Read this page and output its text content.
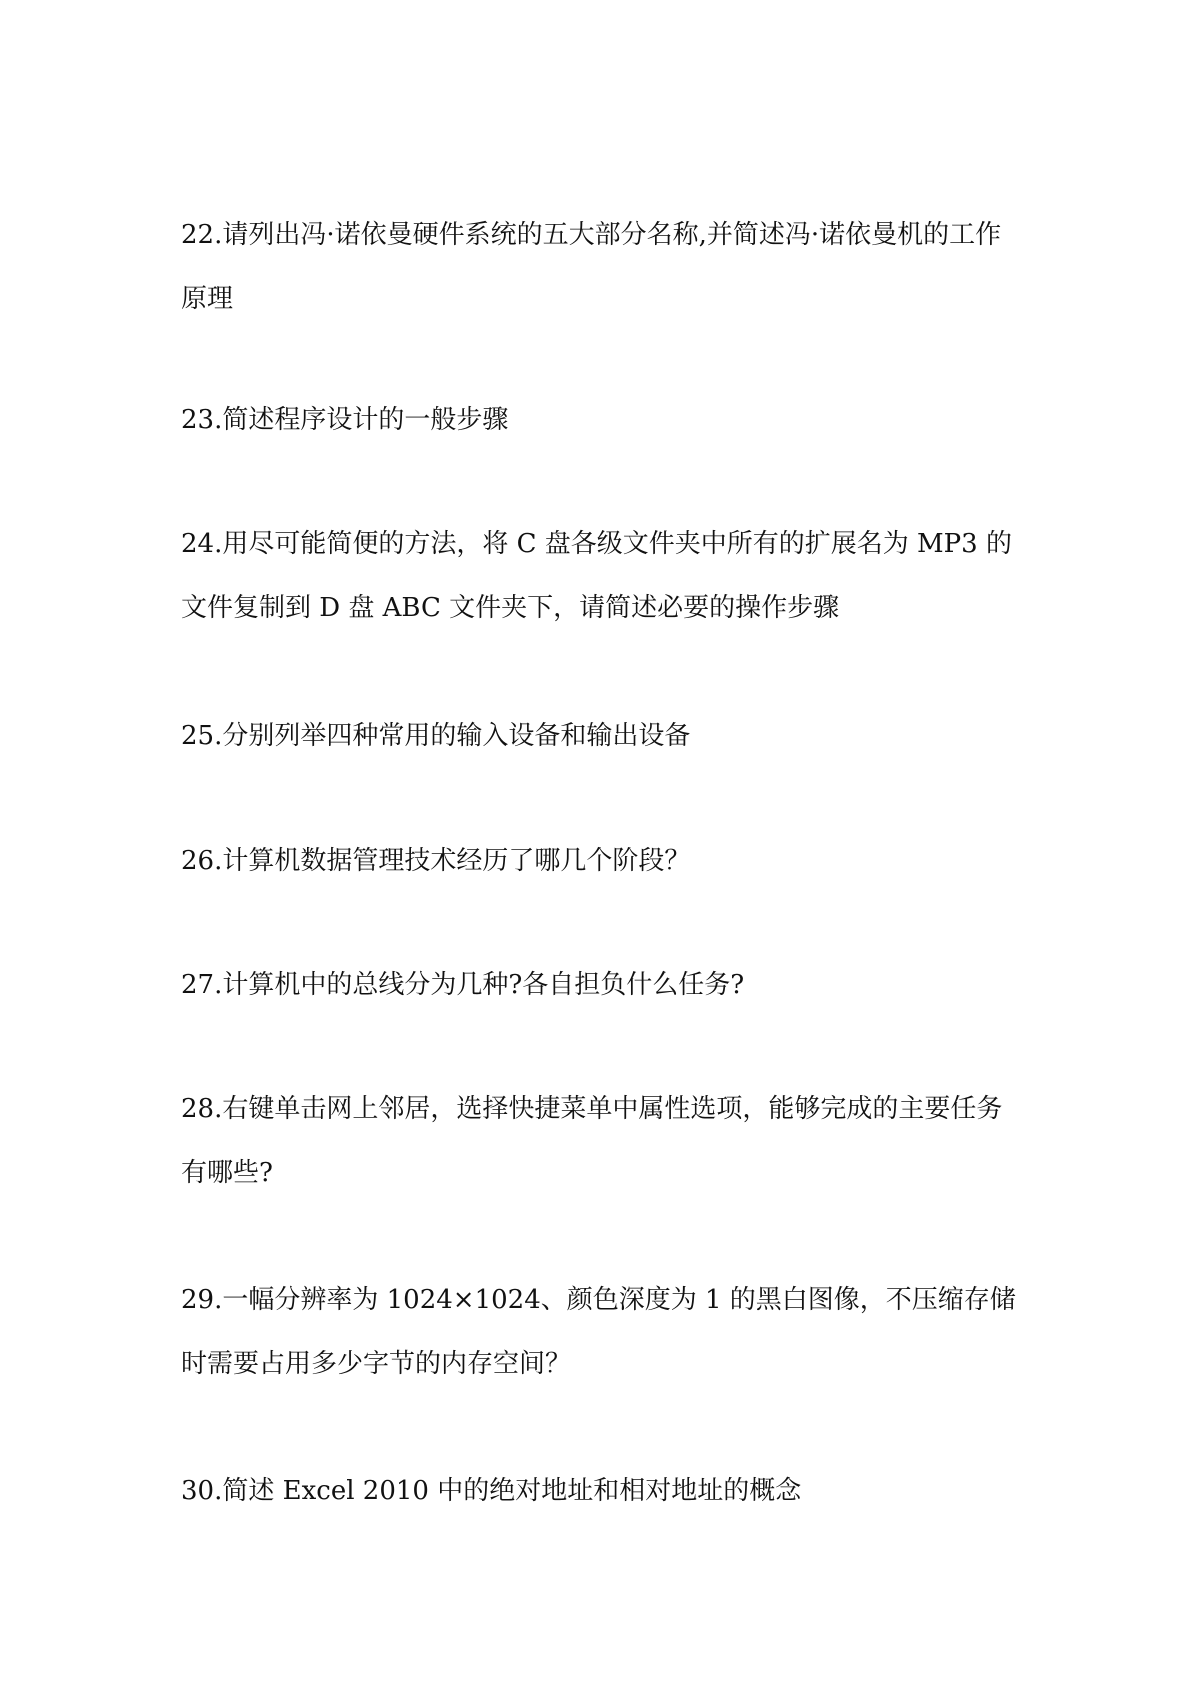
22.请列出冯·诺依曼硬件系统的五大部分名称,并简述冯·诺依曼机的工作原理

23.简述程序设计的一般步骤

24.用尽可能简便的方法，将 C 盘各级文件夹中所有的扩展名为 MP3 的文件复制到 D 盘 ABC 文件夹下，请简述必要的操作步骤

25.分别列举四种常用的输入设备和输出设备

26.计算机数据管理技术经历了哪几个阶段？

27.计算机中的总线分为几种?各自担负什么任务?

28.右键单击网上邻居，选择快捷菜单中属性选项，能够完成的主要任务有哪些?

29.一幅分辨率为 1024×1024、颜色深度为 1 的黑白图像，不压缩存储时需要占用多少字节的内存空间？

30.简述 Excel 2010 中的绝对地址和相对地址的概念
